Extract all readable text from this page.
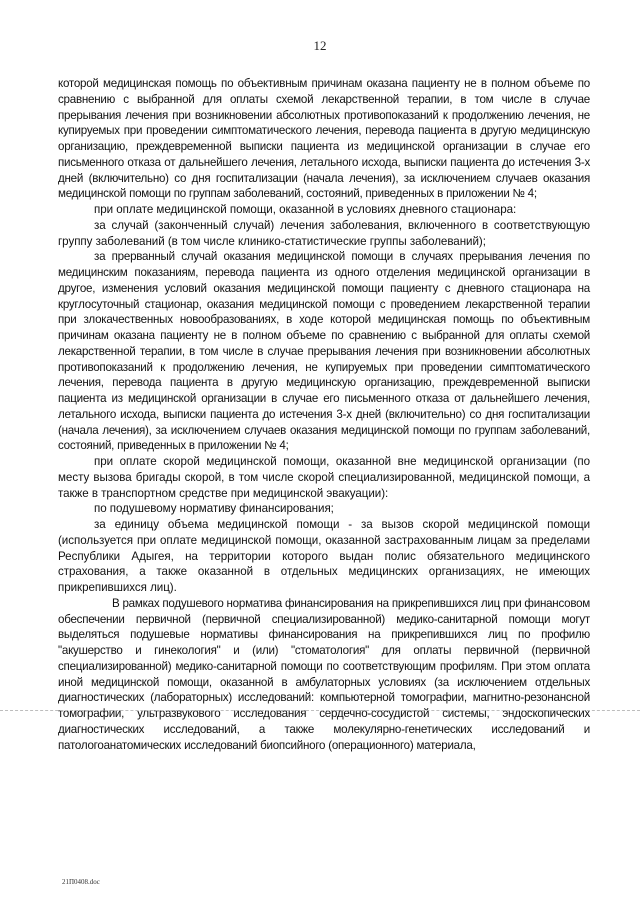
12

которой медицинская помощь по объективным причинам оказана пациенту не в полном объеме по сравнению с выбранной для оплаты схемой лекарственной терапии, в том числе в случае прерывания лечения при возникновении абсолютных противопоказаний к продолжению лечения, не купируемых при проведении симптоматического лечения, перевода пациента в другую медицинскую организацию, преждевременной выписки пациента из медицинской организации в случае его письменного отказа от дальнейшего лечения, летального исхода, выписки пациента до истечения 3-х дней (включительно) со дня госпитализации (начала лечения), за исключением случаев оказания медицинской помощи по группам заболеваний, состояний, приведенных в приложении № 4;

при оплате медицинской помощи, оказанной в условиях дневного стационара:

за случай (законченный случай) лечения заболевания, включенного в соответствующую группу заболеваний (в том числе клинико-статистические группы заболеваний);

за прерванный случай оказания медицинской помощи в случаях прерывания лечения по медицинским показаниям, перевода пациента из одного отделения медицинской организации в другое, изменения условий оказания медицинской помощи пациенту с дневного стационара на круглосуточный стационар, оказания медицинской помощи с проведением лекарственной терапии при злокачественных новообразованиях, в ходе которой медицинская помощь по объективным причинам оказана пациенту не в полном объеме по сравнению с выбранной для оплаты схемой лекарственной терапии, в том числе в случае прерывания лечения при возникновении абсолютных противопоказаний к продолжению лечения, не купируемых при проведении симптоматического лечения, перевода пациента в другую медицинскую организацию, преждевременной выписки пациента из медицинской организации в случае его письменного отказа от дальнейшего лечения, летального исхода, выписки пациента до истечения 3-х дней (включительно) со дня госпитализации (начала лечения), за исключением случаев оказания медицинской помощи по группам заболеваний, состояний, приведенных в приложении № 4;

при оплате скорой медицинской помощи, оказанной вне медицинской организации (по месту вызова бригады скорой, в том числе скорой специализированной, медицинской помощи, а также в транспортном средстве при медицинской эвакуации):

по подушевому нормативу финансирования;

за единицу объема медицинской помощи - за вызов скорой медицинской помощи (используется при оплате медицинской помощи, оказанной застрахованным лицам за пределами Республики Адыгея, на территории которого выдан полис обязательного медицинского страхования, а также оказанной в отдельных медицинских организациях, не имеющих прикрепившихся лиц).

В рамках подушевого норматива финансирования на прикрепившихся лиц при финансовом обеспечении первичной (первичной специализированной) медико-санитарной помощи могут выделяться подушевые нормативы финансирования на прикрепившихся лиц по профилю "акушерство и гинекология" и (или) "стоматология" для оплаты первичной (первичной специализированной) медико-санитарной помощи по соответствующим профилям. При этом оплата иной медицинской помощи, оказанной в амбулаторных условиях (за исключением отдельных диагностических (лабораторных) исследований: компьютерной томографии, магнитно-резонансной томографии, ультразвукового исследования сердечно-сосудистой системы, эндоскопических диагностических исследований, а также молекулярно-генетических исследований и патологоанатомических исследований биопсийного (операционного) материала,

21П0408.doc
